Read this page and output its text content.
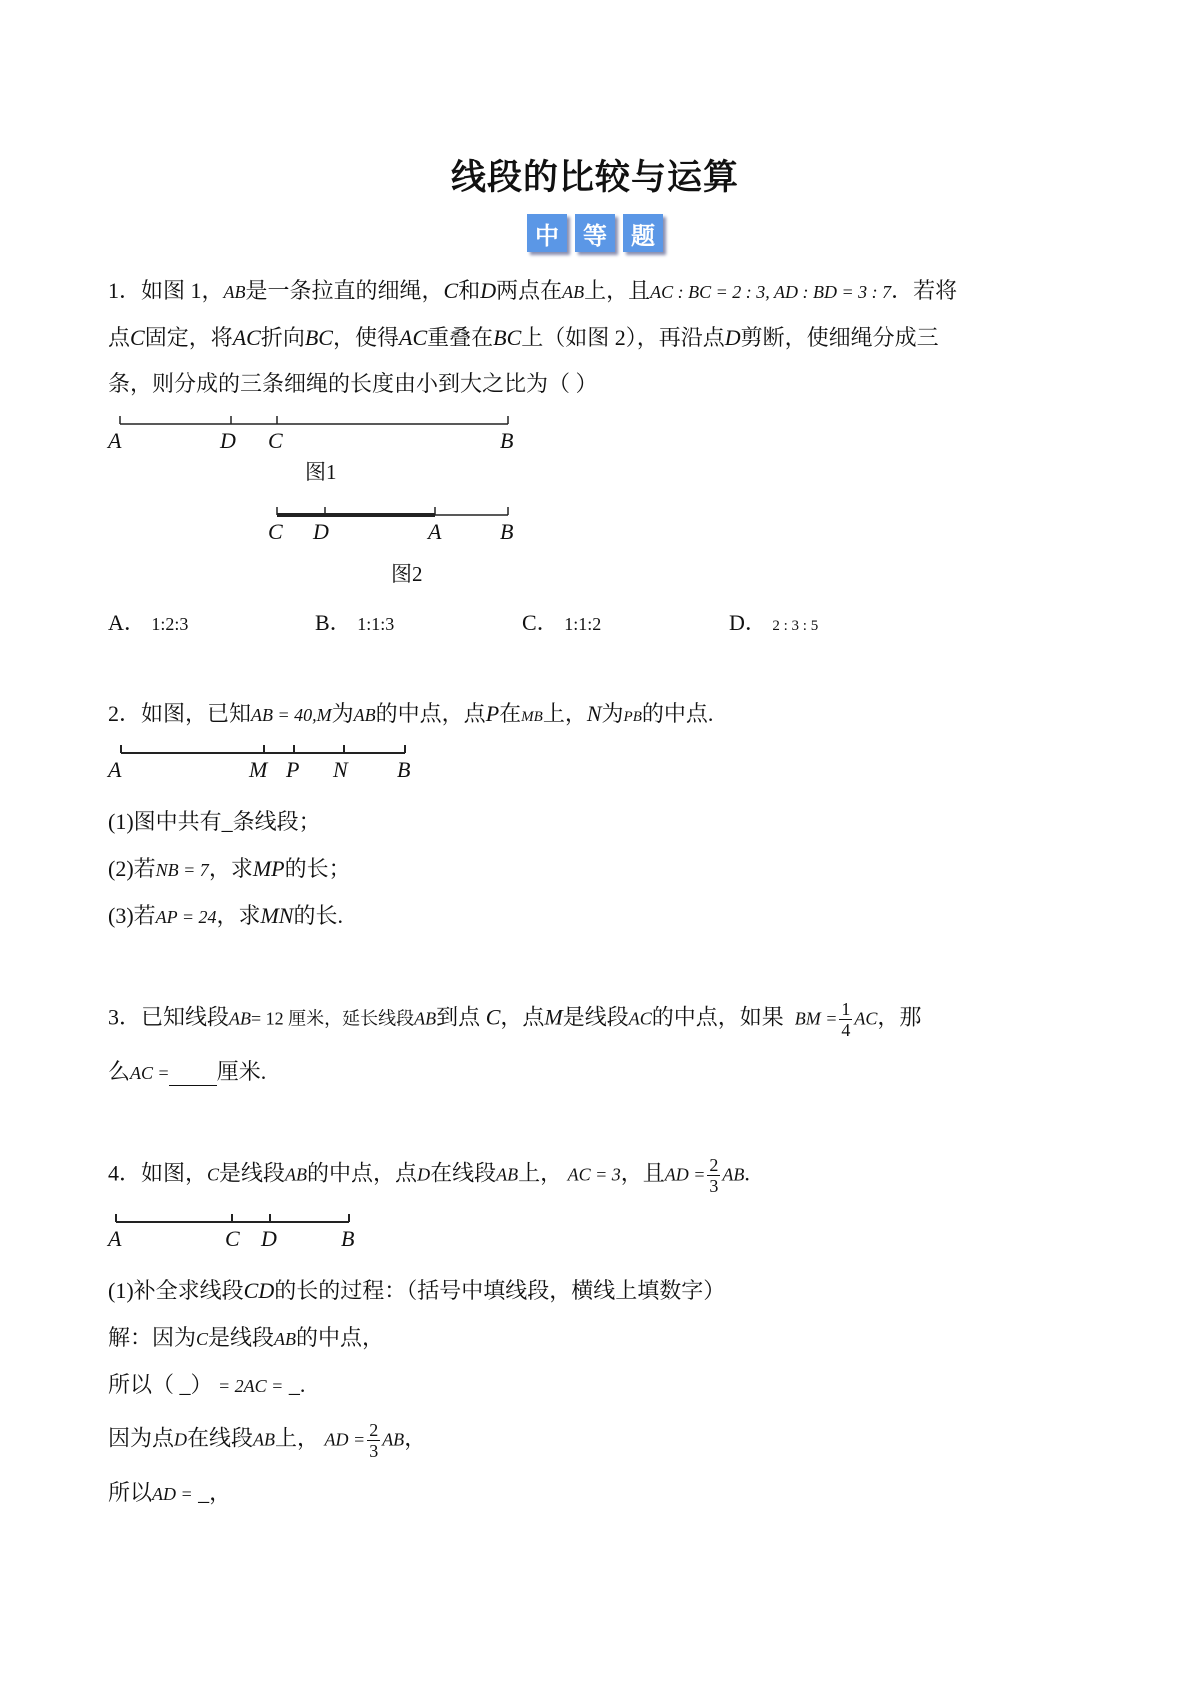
线段的比较与运算
中	等	题
1．如图 1，AB是一条拉直的细绳，C和D两点在AB上，且AC : BC = 2 : 3, AD : BD = 3 : 7．若将
点C固定，将AC折向BC，使得AC重叠在BC上（如图 2），再沿点D剪断，使细绳分成三
条，则分成的三条细绳的长度由小到大之比为（ ）
A	D C	B
图1
C D	A	B
图2
A． 1:2:3	B． 1:1:3	C． 1:1:2	D． 2 : 3 : 5
2．如图，已知AB = 40,M为AB的中点，点P在MB上，N为PB的中点.
A	M P N B
(1)图中共有_条线段；
(2)若NB = 7，求MP的长；
(3)若AP = 24，求MN的长.
3．已知线段AB= 12 厘米，延长线段AB到点 C，点M是线段AC的中点，如果 BM = $\frac{1}{4}$ AC，那
么AC = 厘米.
4．如图，C是线段AB的中点，点D在线段AB上， AC = 3，且AD = $\frac{2}{3}$ AB.
A	C D	B
(1)补全求线段CD的长的过程：（括号中填线段，横线上填数字）
解：因为C是线段AB的中点，
所以（ _） = 2AC = _.
因为点D在线段AB上， AD = $\frac{2}{3}$ AB，
所以AD = _，
